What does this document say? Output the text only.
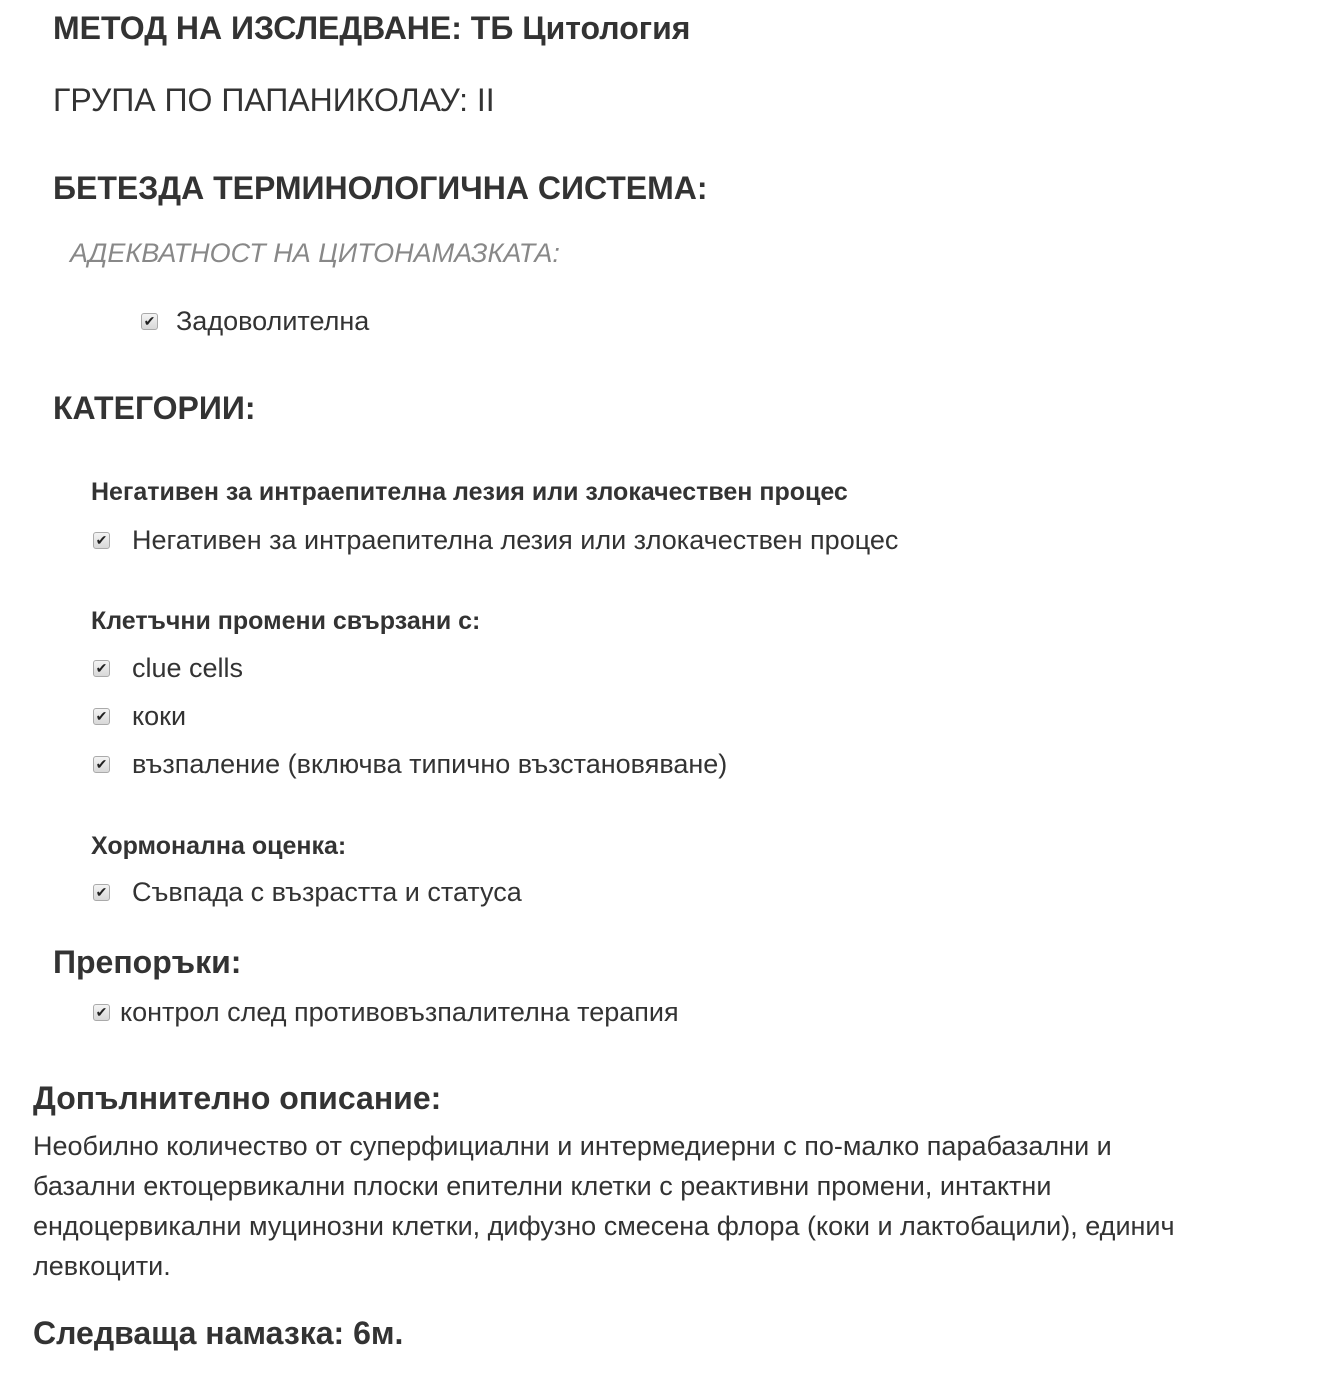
МЕТОД НА ИЗСЛЕДВАНЕ: ТБ Цитология
ГРУПА ПО ПАПАНИКОЛАУ: II
БЕТЕЗДА ТЕРМИНОЛОГИЧНА СИСТЕМА:
АДЕКВАТНОСТ НА ЦИТОНАМАЗКАТА:
✔ Задоволителна
КАТЕГОРИИ:
Негативен за интраепителна лезия или злокачествен процес
✔ Негативен за интраепителна лезия или злокачествен процес
Клетъчни промени свързани с:
✔ clue cells
✔ коки
✔ възпаление (включва типично възстановяване)
Хормонална оценка:
✔ Съвпада с възрастта и статуса
Препоръки:
✔ контрол след противовъзпалителна терапия
Допълнително описание:
Необилно количество от суперфициални и интермедиерни с по-малко парабазални и
базални ектоцервикални плоски епителни клетки с реактивни промени, интактни
ендоцервикални муцинозни клетки, дифузно смесена флора (коки и лактобацили), единич
левкоцити.
Следваща намазка: 6м.
